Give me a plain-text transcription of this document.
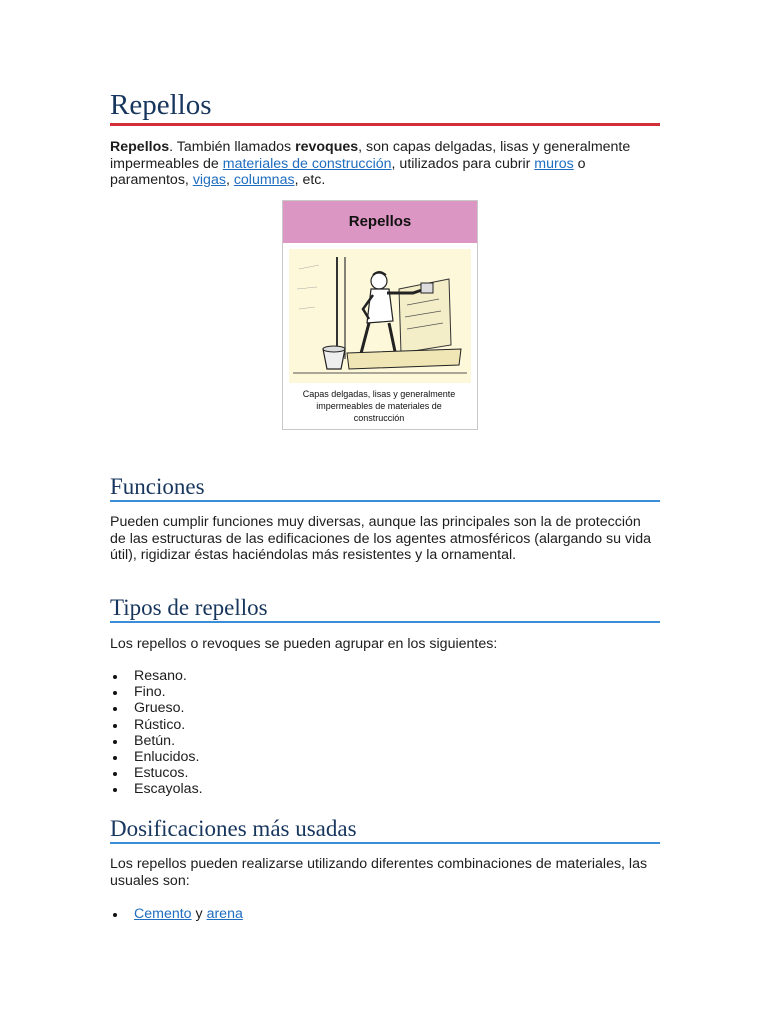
Repellos

Repellos. También llamados revoques, son capas delgadas, lisas y generalmente impermeables de materiales de construcción, utilizados para cubrir muros o paramentos, vigas, columnas, etc.

Repellos
Capas delgadas, lisas y generalmente impermeables de materiales de construcción
Funciones

Pueden cumplir funciones muy diversas, aunque las principales son la de protección de las estructuras de las edificaciones de los agentes atmosféricos (alargando su vida útil), rigidizar éstas haciéndolas más resistentes y la ornamental.

Tipos de repellos

Los repellos o revoques se pueden agrupar en los siguientes:

Resano.
Fino.
Grueso.
Rústico.
Betún.
Enlucidos.
Estucos.
Escayolas.
Dosificaciones más usadas

Los repellos pueden realizarse utilizando diferentes combinaciones de materiales, las usuales son:

Cemento y arena
